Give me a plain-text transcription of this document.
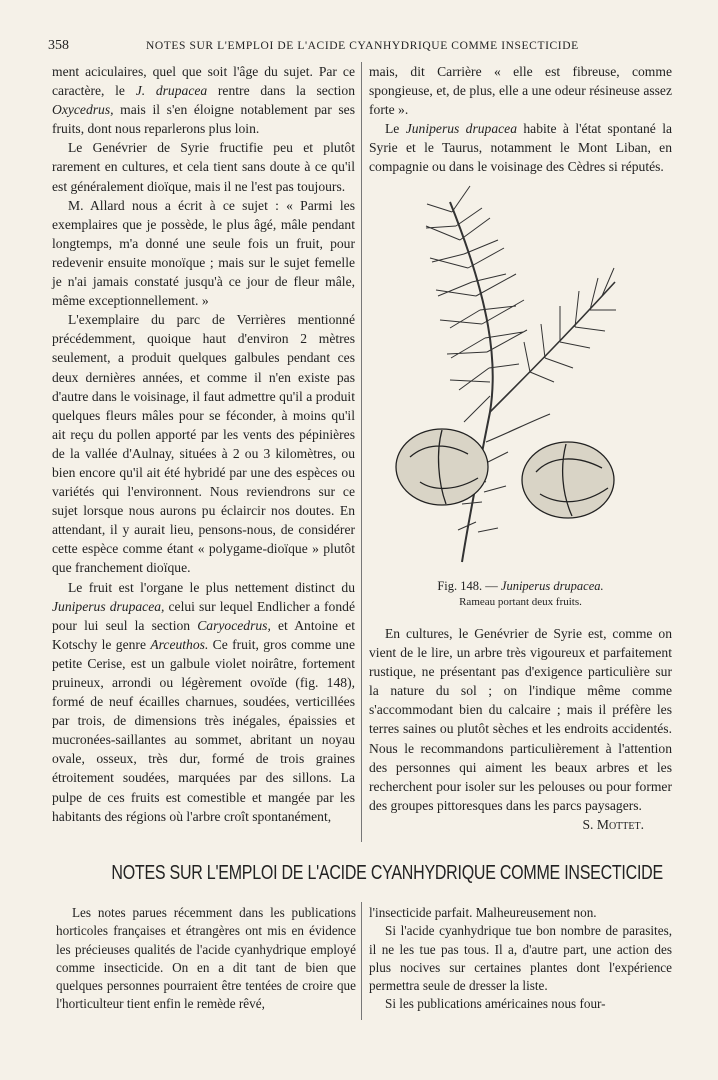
358	NOTES SUR L'EMPLOI DE L'ACIDE CYANHYDRIQUE COMME INSECTICIDE

ment aciculaires, quel que soit l'âge du sujet. Par ce caractère, le J. drupacea rentre dans la section Oxycedrus, mais il s'en éloigne notablement par ses fruits, dont nous reparlerons plus loin.

Le Genévrier de Syrie fructifie peu et plutôt rarement en cultures, et cela tient sans doute à ce qu'il est généralement dioïque, mais il ne l'est pas toujours.

M. Allard nous a écrit à ce sujet : « Parmi les exemplaires que je possède, le plus âgé, mâle pendant longtemps, m'a donné une seule fois un fruit, pour redevenir ensuite monoïque ; mais sur le sujet femelle je n'ai jamais constaté jusqu'à ce jour de fleur mâle, même exceptionnellement. »

L'exemplaire du parc de Verrières mentionné précédemment, quoique haut d'environ 2 mètres seulement, a produit quelques galbules pendant ces deux dernières années, et comme il n'en existe pas d'autre dans le voisinage, il faut admettre qu'il a produit quelques fleurs mâles pour se féconder, à moins qu'il ait reçu du pollen apporté par les vents des pépinières de la vallée d'Aulnay, situées à 2 ou 3 kilomètres, ou bien encore qu'il ait été hybridé par une des espèces ou variétés qui l'environnent. Nous reviendrons sur ce sujet lorsque nous aurons pu éclaircir nos doutes. En attendant, il y aurait lieu, pensons-nous, de considérer cette espèce comme étant « polygame-dioïque » plutôt que franchement dioïque.

Le fruit est l'organe le plus nettement distinct du Juniperus drupacea, celui sur lequel Endlicher a fondé pour lui seul la section Caryocedrus, et Antoine et Kotschy le genre Arceuthos. Ce fruit, gros comme une petite Cerise, est un galbule violet noirâtre, fortement pruineux, arrondi ou légèrement ovoïde (fig. 148), formé de neuf écailles charnues, soudées, verticillées par trois, de dimensions très inégales, épaissies et mucronées-saillantes au sommet, abritant un noyau ovale, osseux, très dur, formé de trois graines étroitement soudées, marquées par des sillons. La pulpe de ces fruits est comestible et mangée par les habitants des régions où l'arbre croît spontanément,

mais, dit Carrière « elle est fibreuse, comme spongieuse, et, de plus, elle a une odeur résineuse assez forte ».

Le Juniperus drupacea habite à l'état spontané la Syrie et le Taurus, notamment le Mont Liban, en compagnie ou dans le voisinage des Cèdres si réputés.

Fig. 148. — Juniperus drupacea.
Rameau portant deux fruits.

En cultures, le Genévrier de Syrie est, comme on vient de le lire, un arbre très vigoureux et parfaitement rustique, ne présentant pas d'exigence particulière sur la nature du sol ; on l'indique même comme s'accommodant bien du calcaire ; mais il préfère les terres saines ou plutôt sèches et les endroits accidentés. Nous le recommandons particulièrement à l'attention des personnes qui aiment les beaux arbres et les recherchent pour isoler sur les pelouses ou pour former des groupes pittoresques dans les parcs paysagers.

S. Mottet.

NOTES SUR L'EMPLOI DE L'ACIDE CYANHYDRIQUE COMME INSECTICIDE

Les notes parues récemment dans les publications horticoles françaises et étrangères ont mis en évidence les précieuses qualités de l'acide cyanhydrique employé comme insecticide. On en a dit tant de bien que quelques personnes pourraient être tentées de croire que l'horticulteur tient enfin le remède rêvé,

l'insecticide parfait. Malheureusement non.

Si l'acide cyanhydrique tue bon nombre de parasites, il ne les tue pas tous. Il a, d'autre part, une action des plus nocives sur certaines plantes dont l'expérience permettra seule de dresser la liste.

Si les publications américaines nous four-
